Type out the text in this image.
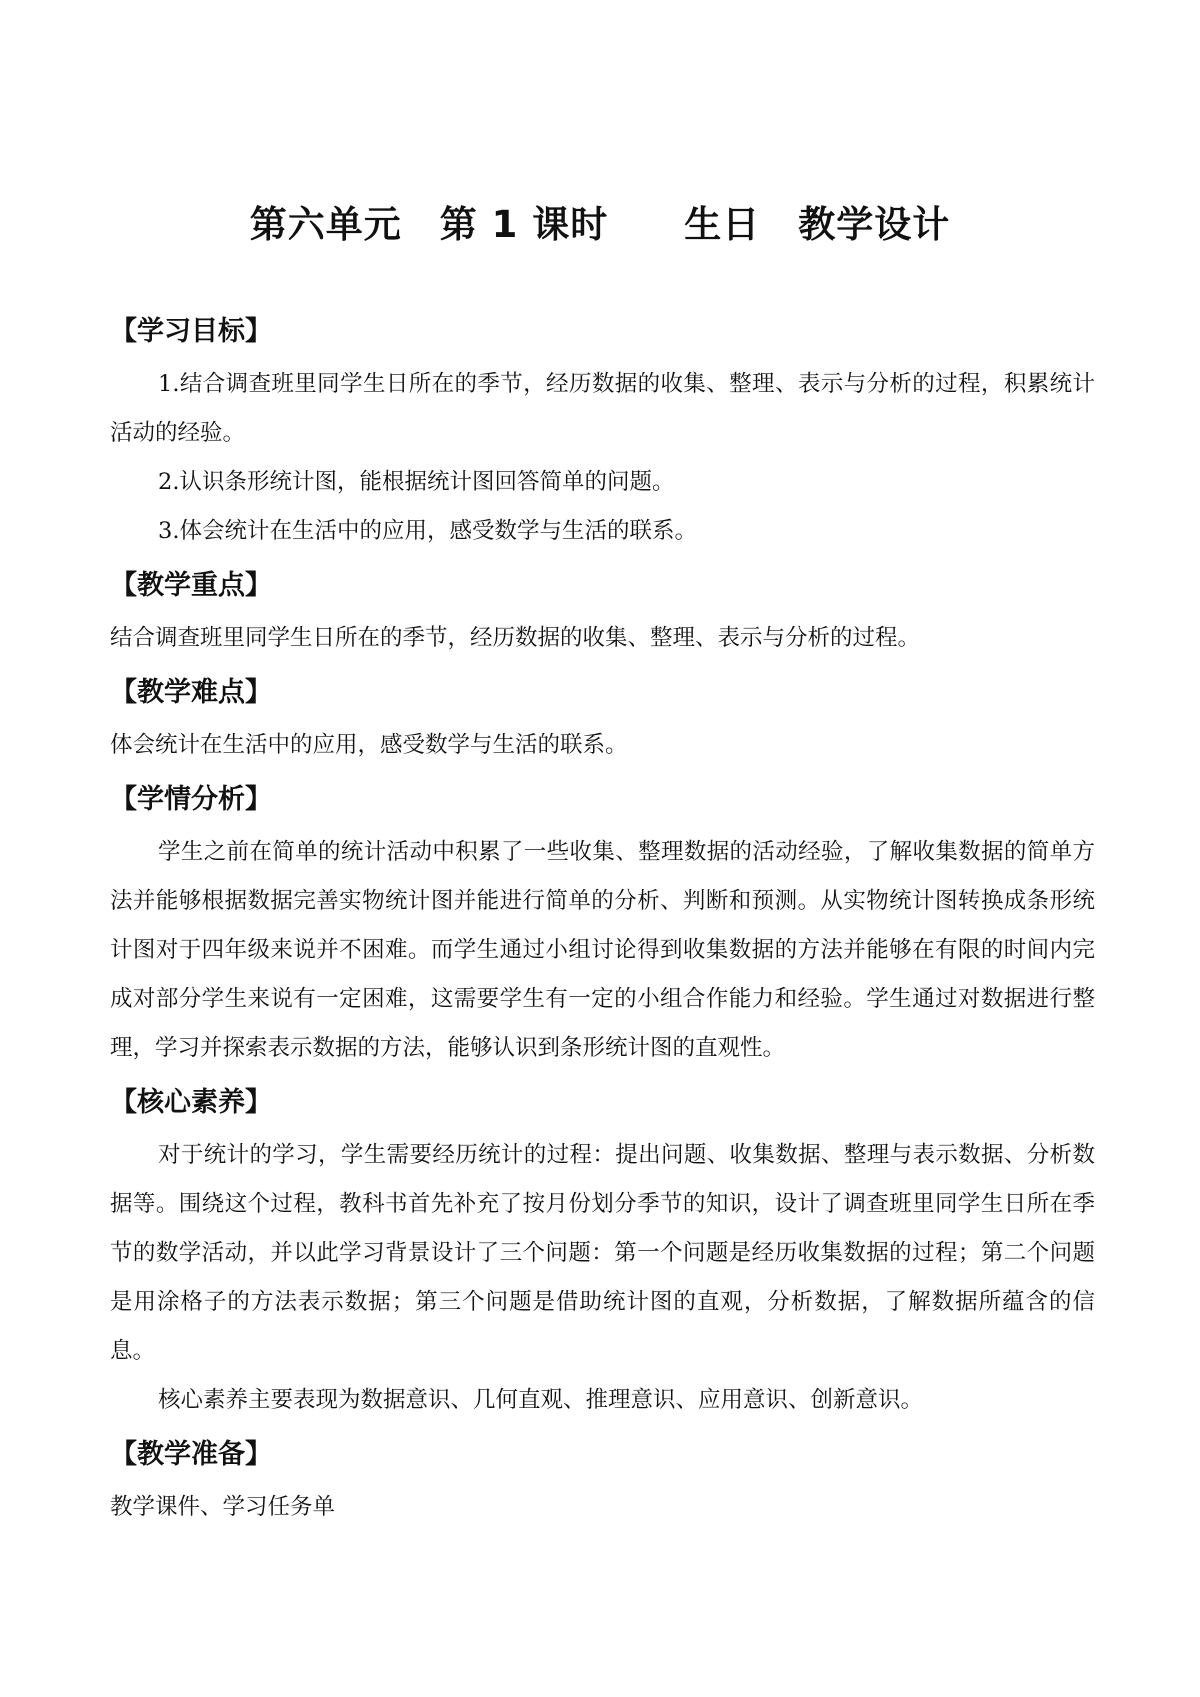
第六单元　第 1 课时　　生日　教学设计
【学习目标】

1.结合调查班里同学生日所在的季节，经历数据的收集、整理、表示与分析的过程，积累统计活动的经验。

2.认识条形统计图，能根据统计图回答简单的问题。

3.体会统计在生活中的应用，感受数学与生活的联系。

【教学重点】

结合调查班里同学生日所在的季节，经历数据的收集、整理、表示与分析的过程。

【教学难点】

体会统计在生活中的应用，感受数学与生活的联系。

【学情分析】

学生之前在简单的统计活动中积累了一些收集、整理数据的活动经验，了解收集数据的简单方法并能够根据数据完善实物统计图并能进行简单的分析、判断和预测。从实物统计图转换成条形统计图对于四年级来说并不困难。而学生通过小组讨论得到收集数据的方法并能够在有限的时间内完成对部分学生来说有一定困难，这需要学生有一定的小组合作能力和经验。学生通过对数据进行整理，学习并探索表示数据的方法，能够认识到条形统计图的直观性。

【核心素养】

对于统计的学习，学生需要经历统计的过程：提出问题、收集数据、整理与表示数据、分析数据等。围绕这个过程，教科书首先补充了按月份划分季节的知识，设计了调查班里同学生日所在季节的数学活动，并以此学习背景设计了三个问题：第一个问题是经历收集数据的过程；第二个问题是用涂格子的方法表示数据；第三个问题是借助统计图的直观，分析数据，了解数据所蕴含的信息。

核心素养主要表现为数据意识、几何直观、推理意识、应用意识、创新意识。

【教学准备】

教学课件、学习任务单
